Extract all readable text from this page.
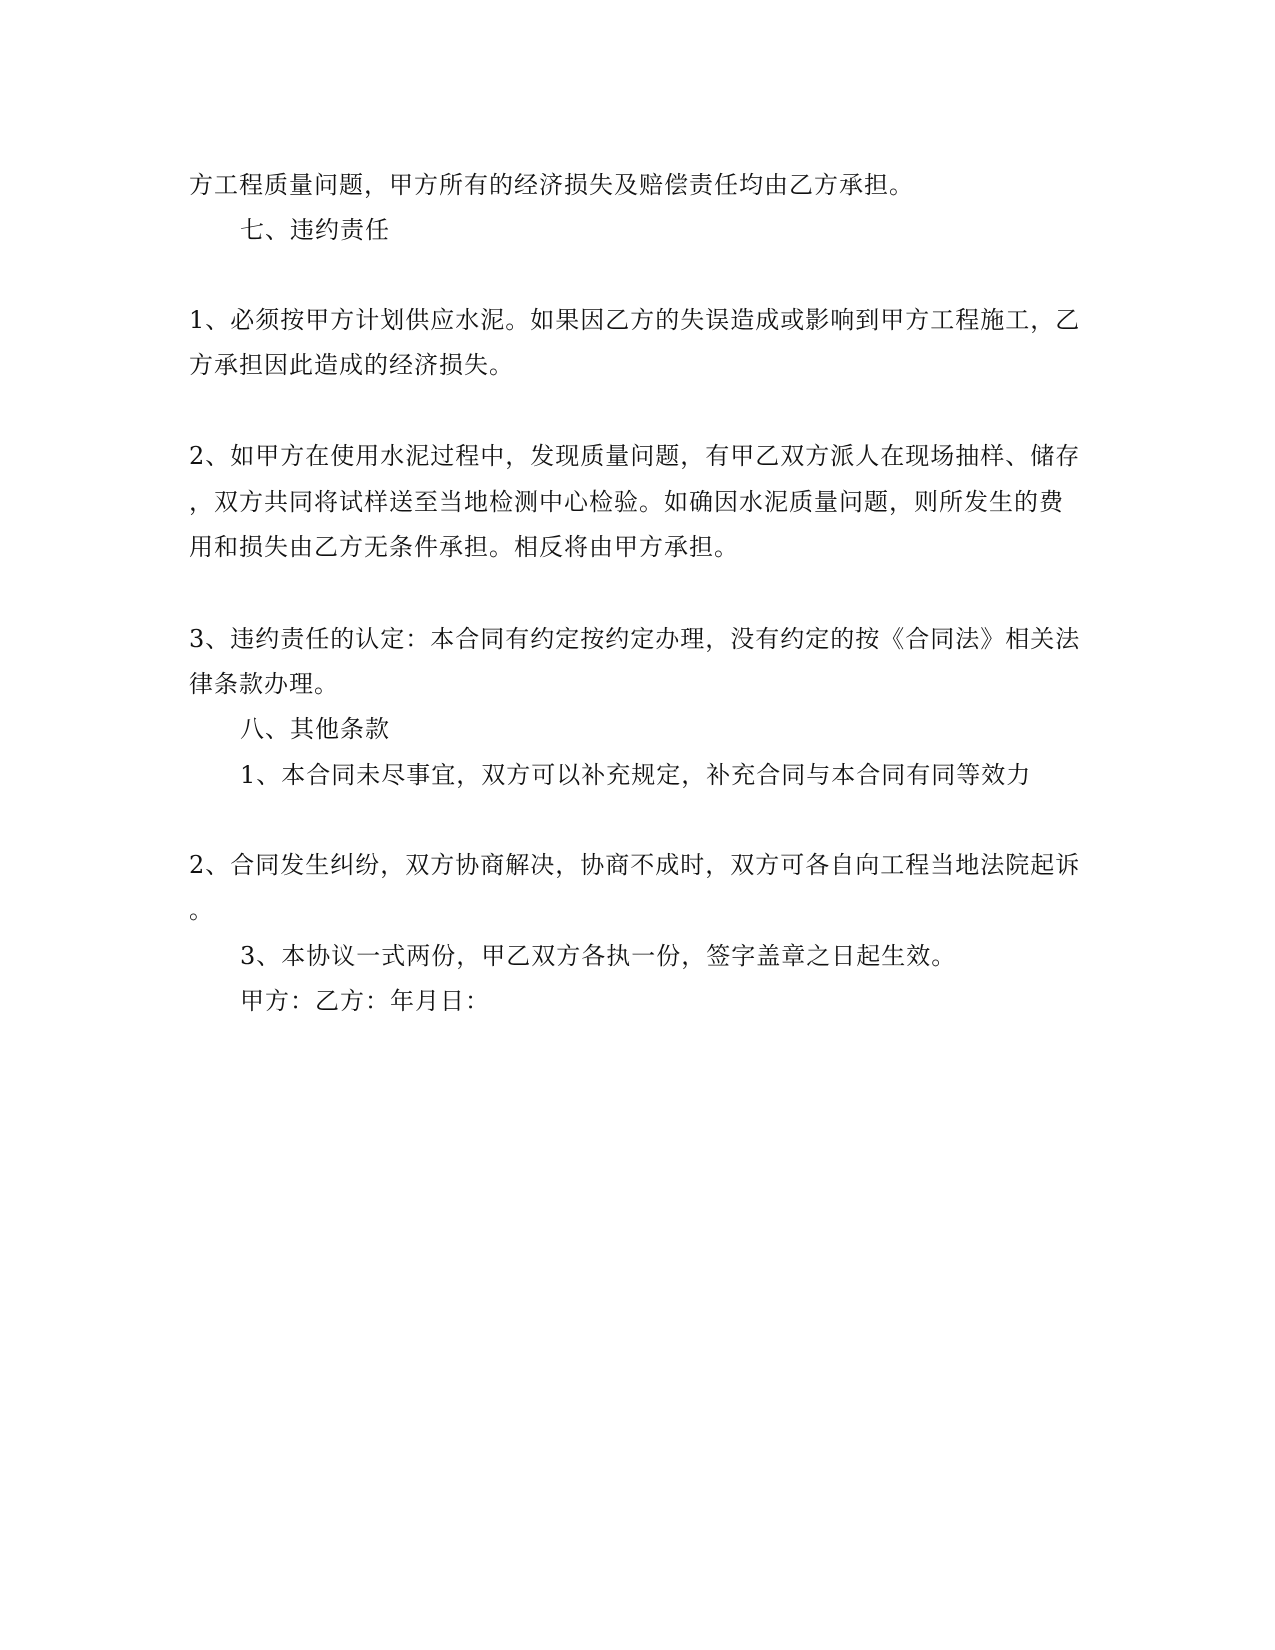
方工程质量问题，甲方所有的经济损失及赔偿责任均由乙方承担。
七、违约责任
1、必须按甲方计划供应水泥。如果因乙方的失误造成或影响到甲方工程施工，乙
方承担因此造成的经济损失。
2、如甲方在使用水泥过程中，发现质量问题，有甲乙双方派人在现场抽样、储存
，双方共同将试样送至当地检测中心检验。如确因水泥质量问题，则所发生的费
用和损失由乙方无条件承担。相反将由甲方承担。
3、违约责任的认定：本合同有约定按约定办理，没有约定的按《合同法》相关法
律条款办理。
八、其他条款
1、本合同未尽事宜，双方可以补充规定，补充合同与本合同有同等效力
2、合同发生纠纷，双方协商解决，协商不成时，双方可各自向工程当地法院起诉
。
3、本协议一式两份，甲乙双方各执一份，签字盖章之日起生效。
甲方：乙方：年月日：
